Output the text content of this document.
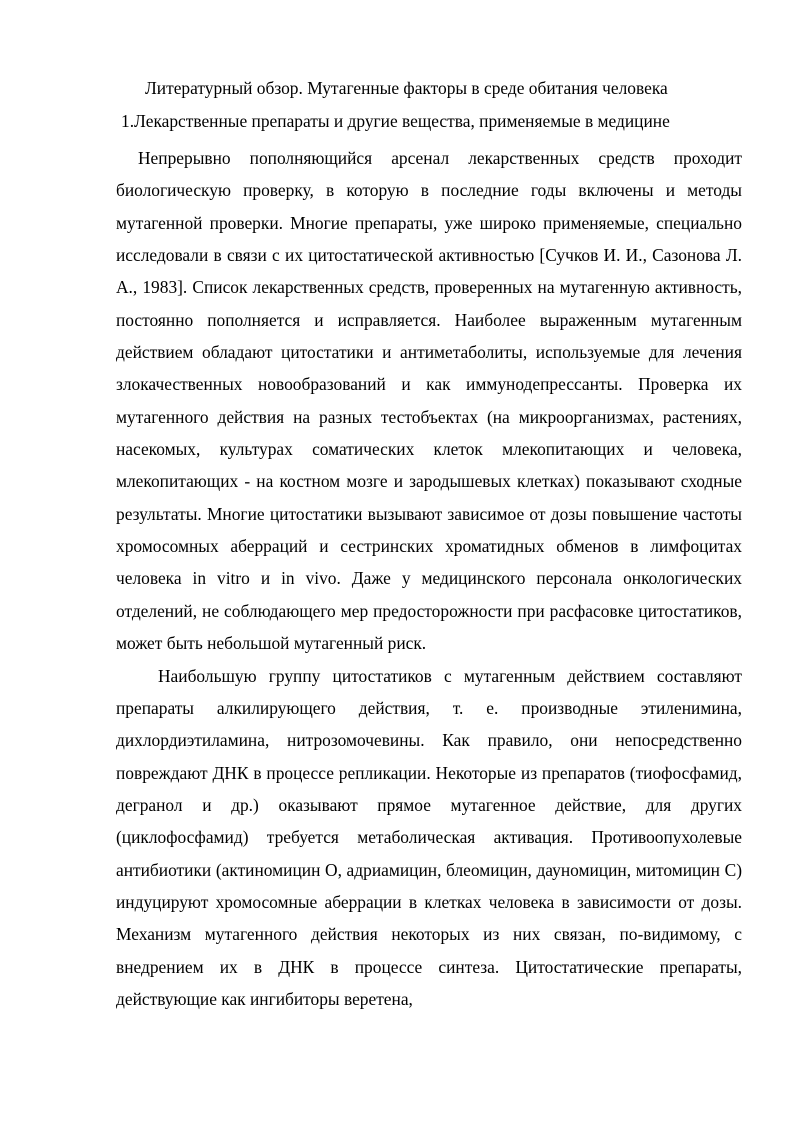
Литературный обзор. Мутагенные факторы в среде обитания человека
1.Лекарственные препараты и другие вещества, применяемые в медицине

Непрерывно пополняющийся арсенал лекарственных средств проходит биологическую проверку, в которую в последние годы включены и методы мутагенной проверки. Многие препараты, уже широко применяемые, специально исследовали в связи с их цитостатической активностью [Сучков И. И., Сазонова Л. А., 1983]. Список лекарственных средств, проверенных на мутагенную активность, постоянно пополняется и исправляется. Наиболее выраженным мутагенным действием обладают цитостатики и антиметаболиты, используемые для лечения злокачественных новообразований и как иммунодепрессанты. Проверка их мутагенного действия на разных тестобъектах (на микроорганизмах, растениях, насекомых, культурах соматических клеток млекопитающих и человека, млекопитающих - на костном мозге и зародышевых клетках) показывают сходные результаты. Многие цитостатики вызывают зависимое от дозы повышение частоты хромосомных аберраций и сестринских хроматидных обменов в лимфоцитах человека in vitro и in vivo. Даже у медицинского персонала онкологических отделений, не соблюдающего мер предосторожности при расфасовке цитостатиков, может быть небольшой мутагенный риск.

Наибольшую группу цитостатиков с мутагенным действием составляют препараты алкилирующего действия, т. е. производные этиленимина, дихлордиэтиламина, нитрозомочевины. Как правило, они непосредственно повреждают ДНК в процессе репликации. Некоторые из препаратов (тиофосфамид, дегранол и др.) оказывают прямое мутагенное действие, для других (циклофосфамид) требуется метаболическая активация. Противоопухолевые антибиотики (актиномицин О, адриамицин, блеомицин, дауномицин, митомицин С) индуцируют хромосомные аберрации в клетках человека в зависимости от дозы. Механизм мутагенного действия некоторых из них связан, по-видимому, с внедрением их в ДНК в процессе синтеза. Цитостатические препараты, действующие как ингибиторы веретена,
